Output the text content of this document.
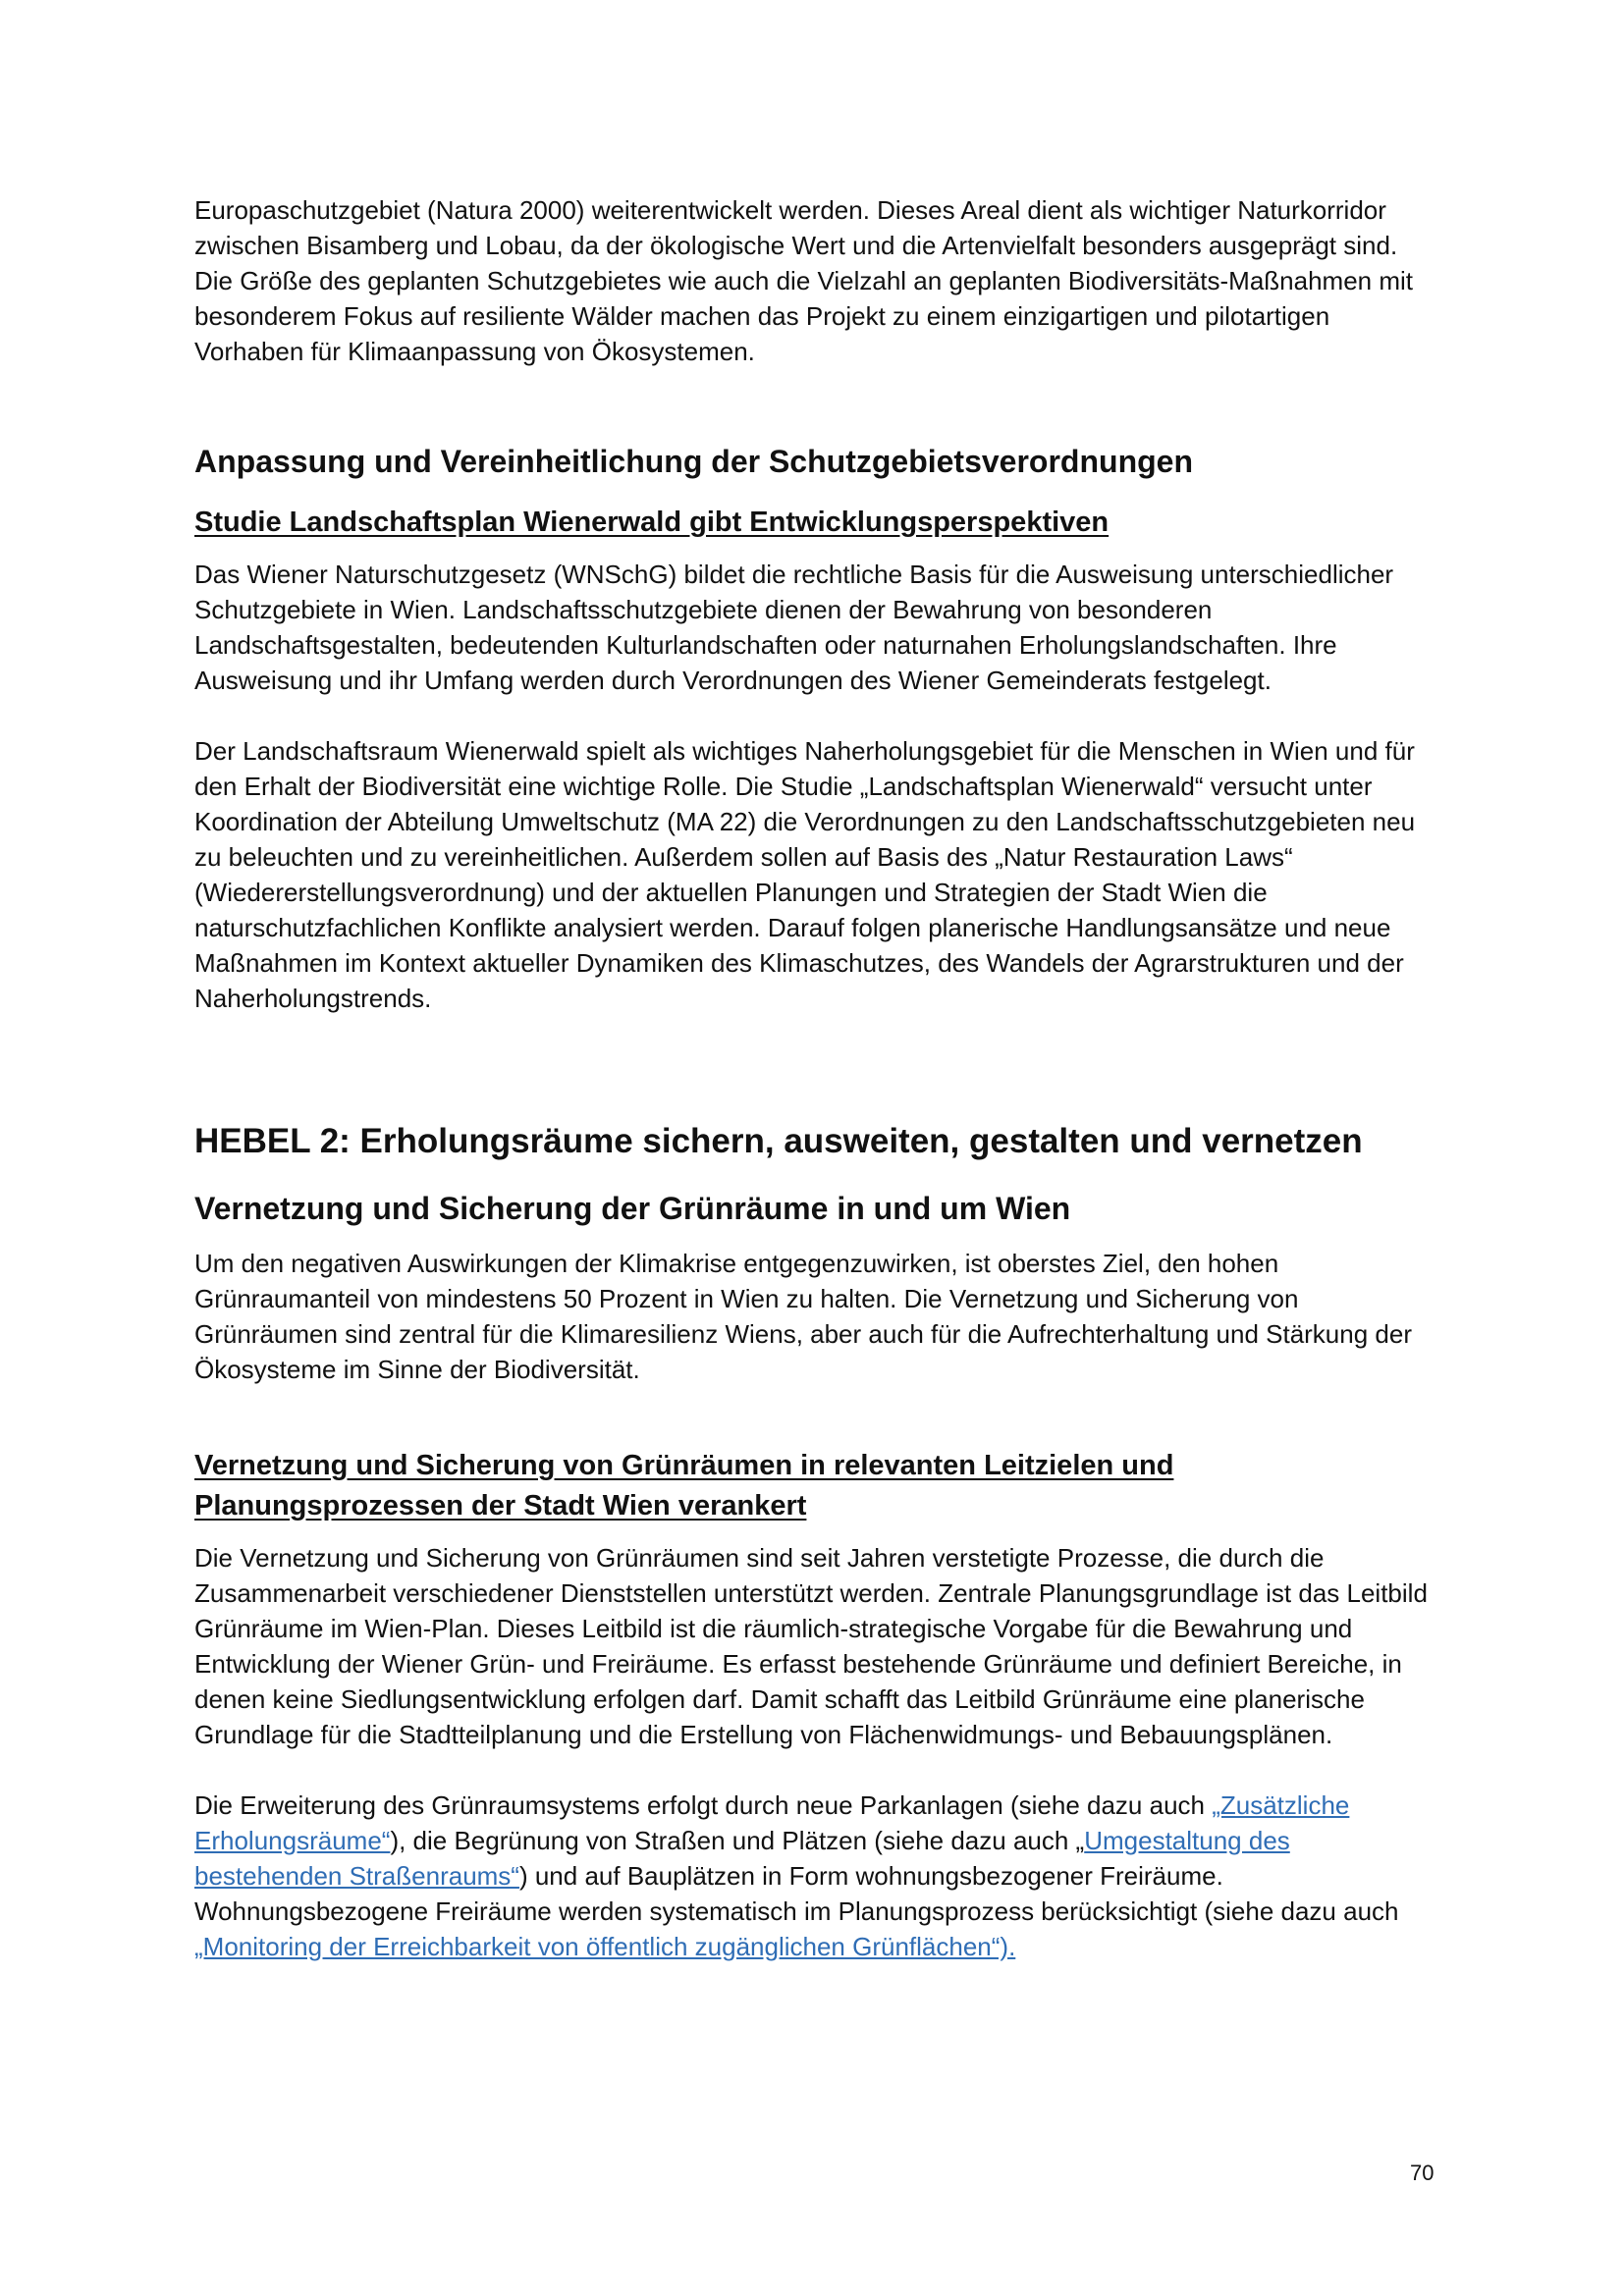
Europaschutzgebiet (Natura 2000) weiterentwickelt werden. Dieses Areal dient als wichtiger Naturkorridor zwischen Bisamberg und Lobau, da der ökologische Wert und die Artenvielfalt besonders ausgeprägt sind. Die Größe des geplanten Schutzgebietes wie auch die Vielzahl an geplanten Biodiversitäts-Maßnahmen mit besonderem Fokus auf resiliente Wälder machen das Projekt zu einem einzigartigen und pilotartigen Vorhaben für Klimaanpassung von Ökosystemen.

Anpassung und Vereinheitlichung der Schutzgebietsverordnungen
Studie Landschaftsplan Wienerwald gibt Entwicklungsperspektiven

Das Wiener Naturschutzgesetz (WNSchG) bildet die rechtliche Basis für die Ausweisung unterschiedlicher Schutzgebiete in Wien. Landschaftsschutzgebiete dienen der Bewahrung von besonderen Landschaftsgestalten, bedeutenden Kulturlandschaften oder naturnahen Erholungslandschaften. Ihre Ausweisung und ihr Umfang werden durch Verordnungen des Wiener Gemeinderats festgelegt.

Der Landschaftsraum Wienerwald spielt als wichtiges Naherholungsgebiet für die Menschen in Wien und für den Erhalt der Biodiversität eine wichtige Rolle. Die Studie „Landschaftsplan Wienerwald“ versucht unter Koordination der Abteilung Umweltschutz (MA 22) die Verordnungen zu den Landschaftsschutzgebieten neu zu beleuchten und zu vereinheitlichen. Außerdem sollen auf Basis des „Natur Restauration Laws“ (Wiedererstellungsverordnung) und der aktuellen Planungen und Strategien der Stadt Wien die naturschutzfachlichen Konflikte analysiert werden. Darauf folgen planerische Handlungsansätze und neue Maßnahmen im Kontext aktueller Dynamiken des Klimaschutzes, des Wandels der Agrarstrukturen und der Naherholungstrends.

HEBEL 2: Erholungsräume sichern, ausweiten, gestalten und vernetzen
Vernetzung und Sicherung der Grünräume in und um Wien

Um den negativen Auswirkungen der Klimakrise entgegenzuwirken, ist oberstes Ziel, den hohen Grünraumanteil von mindestens 50 Prozent in Wien zu halten. Die Vernetzung und Sicherung von Grünräumen sind zentral für die Klimaresilienz Wiens, aber auch für die Aufrechterhaltung und Stärkung der Ökosysteme im Sinne der Biodiversität.

Vernetzung und Sicherung von Grünräumen in relevanten Leitzielen und
Planungsprozessen der Stadt Wien verankert

Die Vernetzung und Sicherung von Grünräumen sind seit Jahren verstetigte Prozesse, die durch die Zusammenarbeit verschiedener Dienststellen unterstützt werden. Zentrale Planungsgrundlage ist das Leitbild Grünräume im Wien-Plan. Dieses Leitbild ist die räumlich-strategische Vorgabe für die Bewahrung und Entwicklung der Wiener Grün- und Freiräume. Es erfasst bestehende Grünräume und definiert Bereiche, in denen keine Siedlungsentwicklung erfolgen darf. Damit schafft das Leitbild Grünräume eine planerische Grundlage für die Stadtteilplanung und die Erstellung von Flächenwidmungs- und Bebauungsplänen.

Die Erweiterung des Grünraumsystems erfolgt durch neue Parkanlagen (siehe dazu auch „Zusätzliche Erholungsräume“), die Begrünung von Straßen und Plätzen (siehe dazu auch „Umgestaltung des bestehenden Straßenraums“) und auf Bauplätzen in Form wohnungsbezogener Freiräume. Wohnungsbezogene Freiräume werden systematisch im Planungsprozess berücksichtigt (siehe dazu auch „Monitoring der Erreichbarkeit von öffentlich zugänglichen Grünflächen“).

70
